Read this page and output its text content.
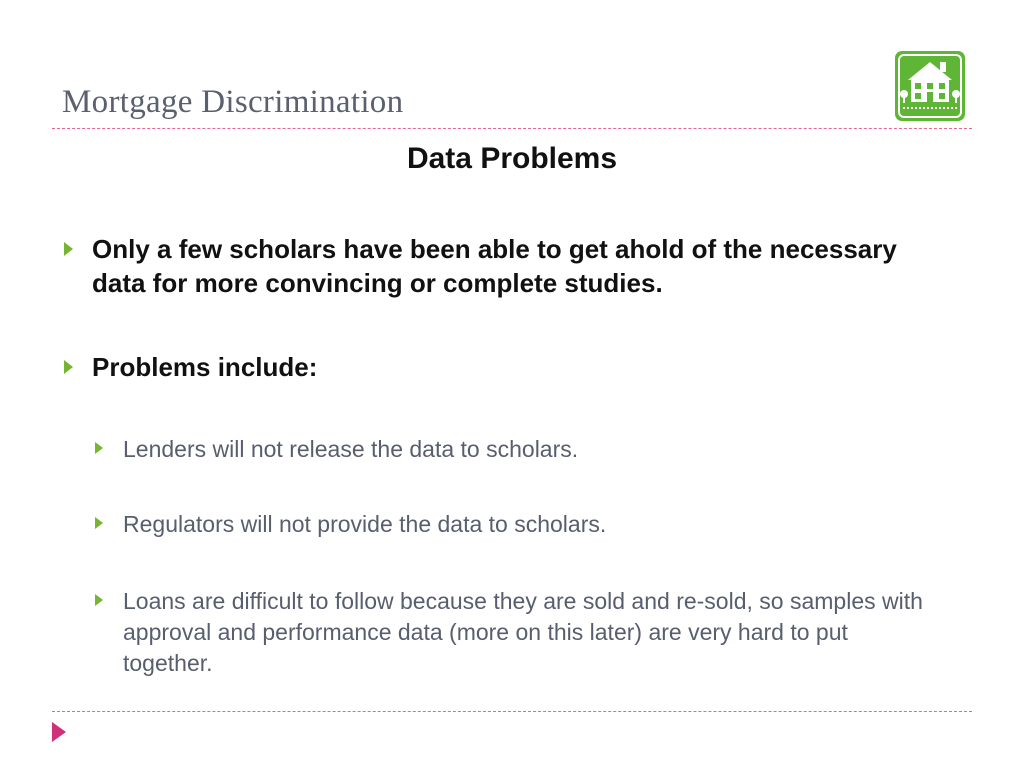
Mortgage Discrimination
Data Problems
Only a few scholars have been able to get ahold of the necessary data for more convincing or complete studies.
Problems include:
Lenders will not release the data to scholars.
Regulators will not provide the data to scholars.
Loans are difficult to follow because they are sold and re-sold, so samples with approval and performance data (more on this later) are very hard to put together.
